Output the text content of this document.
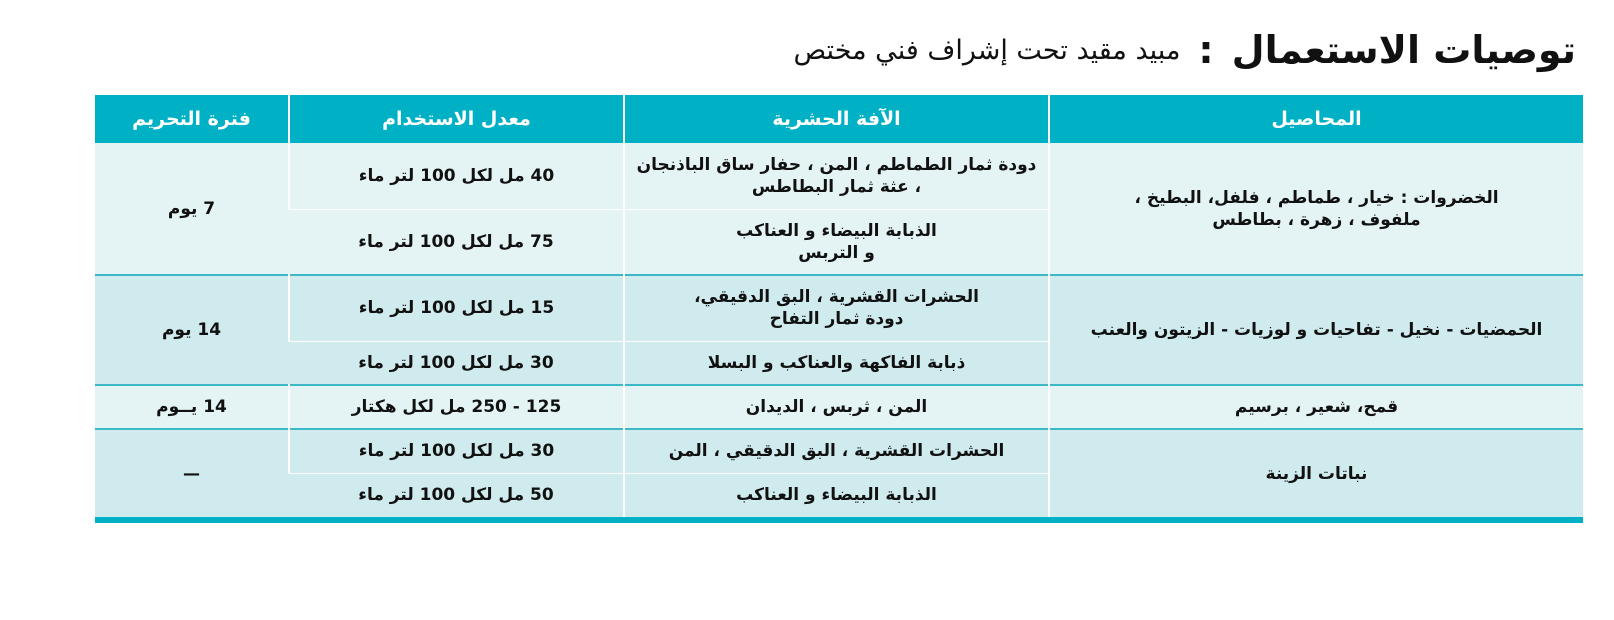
توصيات الاستعمال
:
مبيد مقيد تحت إشراف فني مختص
المحاصيل	الآفة الحشرية	معدل الاستخدام	فترة التحريم
الخضروات : خيار ، طماطم ، فلفل، البطيخ ، ملفوف ، زهرة ، بطاطس	دودة ثمار الطماطم ، المن ، حفار ساق الباذنجان ، عثة ثمار البطاطس	40 مل لكل 100 لتر ماء	7 يوم
	الذبابة البيضاء و العناكب و التربس	75 مل لكل 100 لتر ماء	
الحمضيات - نخيل - تفاحيات و لوزيات - الزيتون والعنب	الحشرات القشرية ، البق الدقيقي، دودة ثمار التفاح	15 مل لكل 100 لتر ماء	14 يوم
	ذبابة الفاكهة والعناكب و البسلا	30 مل لكل 100 لتر ماء	
قمح، شعير ، برسيم	المن ، ثربس ، الديدان	125 - 250 مل لكل هكتار	14 يــوم
نباتات الزينة	الحشرات القشرية ، البق الدقيقي ، المن	30 مل لكل 100 لتر ماء	—
	الذبابة البيضاء و العناكب	50 مل لكل 100 لتر ماء	
